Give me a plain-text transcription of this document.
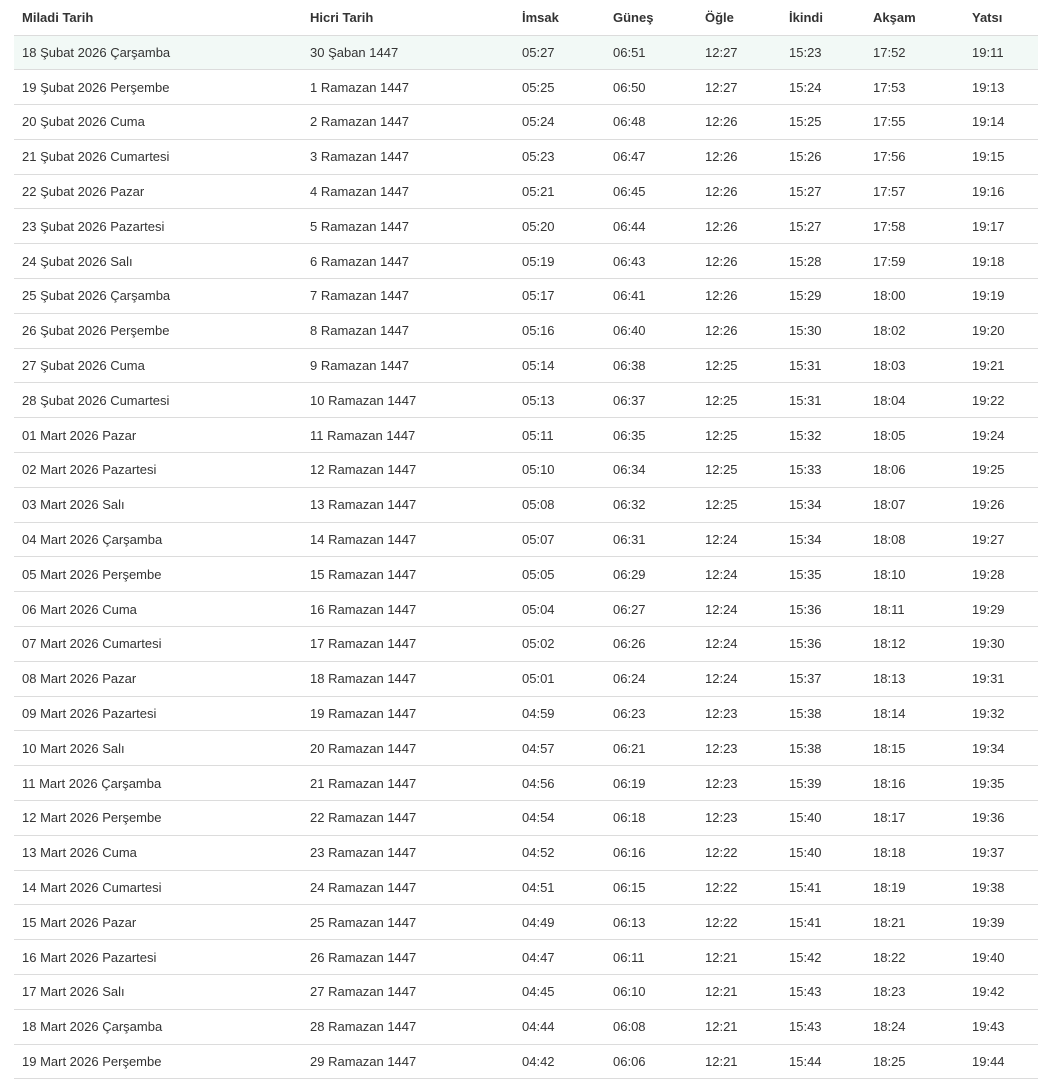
Miladi Tarih	Hicri Tarih	İmsak	Güneş	Öğle	İkindi	Akşam	Yatsı
18 Şubat 2026 Çarşamba	30 Şaban 1447	05:27	06:51	12:27	15:23	17:52	19:11
19 Şubat 2026 Perşembe	1 Ramazan 1447	05:25	06:50	12:27	15:24	17:53	19:13
20 Şubat 2026 Cuma	2 Ramazan 1447	05:24	06:48	12:26	15:25	17:55	19:14
21 Şubat 2026 Cumartesi	3 Ramazan 1447	05:23	06:47	12:26	15:26	17:56	19:15
22 Şubat 2026 Pazar	4 Ramazan 1447	05:21	06:45	12:26	15:27	17:57	19:16
23 Şubat 2026 Pazartesi	5 Ramazan 1447	05:20	06:44	12:26	15:27	17:58	19:17
24 Şubat 2026 Salı	6 Ramazan 1447	05:19	06:43	12:26	15:28	17:59	19:18
25 Şubat 2026 Çarşamba	7 Ramazan 1447	05:17	06:41	12:26	15:29	18:00	19:19
26 Şubat 2026 Perşembe	8 Ramazan 1447	05:16	06:40	12:26	15:30	18:02	19:20
27 Şubat 2026 Cuma	9 Ramazan 1447	05:14	06:38	12:25	15:31	18:03	19:21
28 Şubat 2026 Cumartesi	10 Ramazan 1447	05:13	06:37	12:25	15:31	18:04	19:22
01 Mart 2026 Pazar	11 Ramazan 1447	05:11	06:35	12:25	15:32	18:05	19:24
02 Mart 2026 Pazartesi	12 Ramazan 1447	05:10	06:34	12:25	15:33	18:06	19:25
03 Mart 2026 Salı	13 Ramazan 1447	05:08	06:32	12:25	15:34	18:07	19:26
04 Mart 2026 Çarşamba	14 Ramazan 1447	05:07	06:31	12:24	15:34	18:08	19:27
05 Mart 2026 Perşembe	15 Ramazan 1447	05:05	06:29	12:24	15:35	18:10	19:28
06 Mart 2026 Cuma	16 Ramazan 1447	05:04	06:27	12:24	15:36	18:11	19:29
07 Mart 2026 Cumartesi	17 Ramazan 1447	05:02	06:26	12:24	15:36	18:12	19:30
08 Mart 2026 Pazar	18 Ramazan 1447	05:01	06:24	12:24	15:37	18:13	19:31
09 Mart 2026 Pazartesi	19 Ramazan 1447	04:59	06:23	12:23	15:38	18:14	19:32
10 Mart 2026 Salı	20 Ramazan 1447	04:57	06:21	12:23	15:38	18:15	19:34
11 Mart 2026 Çarşamba	21 Ramazan 1447	04:56	06:19	12:23	15:39	18:16	19:35
12 Mart 2026 Perşembe	22 Ramazan 1447	04:54	06:18	12:23	15:40	18:17	19:36
13 Mart 2026 Cuma	23 Ramazan 1447	04:52	06:16	12:22	15:40	18:18	19:37
14 Mart 2026 Cumartesi	24 Ramazan 1447	04:51	06:15	12:22	15:41	18:19	19:38
15 Mart 2026 Pazar	25 Ramazan 1447	04:49	06:13	12:22	15:41	18:21	19:39
16 Mart 2026 Pazartesi	26 Ramazan 1447	04:47	06:11	12:21	15:42	18:22	19:40
17 Mart 2026 Salı	27 Ramazan 1447	04:45	06:10	12:21	15:43	18:23	19:42
18 Mart 2026 Çarşamba	28 Ramazan 1447	04:44	06:08	12:21	15:43	18:24	19:43
19 Mart 2026 Perşembe	29 Ramazan 1447	04:42	06:06	12:21	15:44	18:25	19:44
